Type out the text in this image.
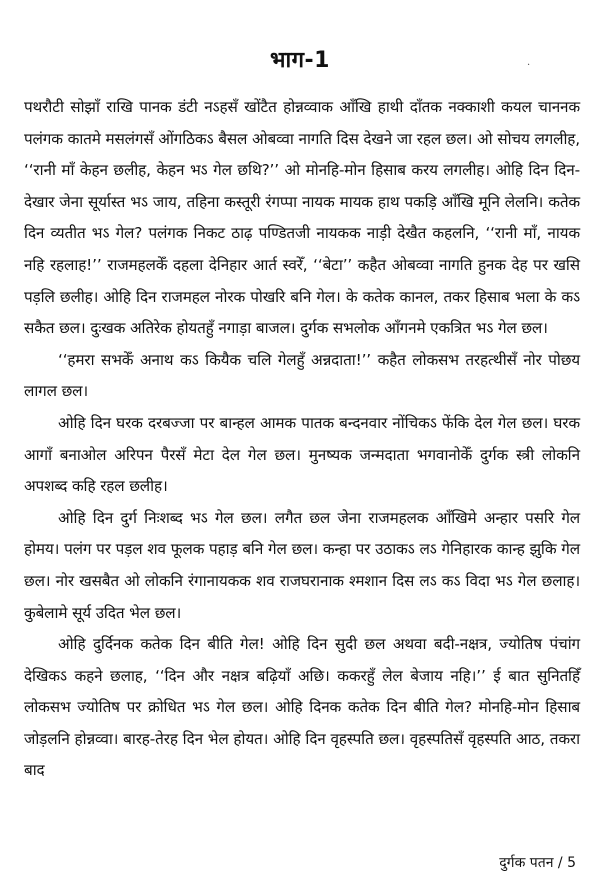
भाग-1	·

पथरौटी सोझाँ राखि पानक डंटी नऽहसँ खोंटैत होन्नव्वाक आँखि हाथी दाँतक नक्काशी कयल चाननक पलंगक कातमे मसलंगसँ ओंगठिकऽ बैसल ओबव्वा नागति दिस देखने जा रहल छल। ओ सोचय लगलीह, ‘‘रानी माँ केहन छलीह, केहन भऽ गेल छथि?’’ ओ मोनहि-मोन हिसाब करय लगलीह। ओहि दिन दिन-देखार जेना सूर्यास्त भऽ जाय, तहिना कस्तूरी रंगप्पा नायक मायक हाथ पकड़ि आँखि मूनि लेलनि। कतेक दिन व्यतीत भऽ गेल? पलंगक निकट ठाढ़ पण्डितजी नायकक नाड़ी देखैत कहलनि, ‘‘रानी माँ, नायक नहि रहलाह!’’ राजमहलकेँ दहला देनिहार आर्त स्वरेँ, ‘‘बेटा’’ कहैत ओबव्वा नागति हुनक देह पर खसि पड़लि छलीह। ओहि दिन राजमहल नोरक पोखरि बनि गेल। के कतेक कानल, तकर हिसाब भला के कऽ सकैत छल। दुःखक अतिरेक होयतहुँ नगाड़ा बाजल। दुर्गक सभलोक आँगनमे एकत्रित भऽ गेल छल।

‘‘हमरा सभकेँ अनाथ कऽ कियैक चलि गेलहुँ अन्नदाता!’’ कहैत लोकसभ तरहत्थीसँ नोर पोछय लागल छल।

ओहि दिन घरक दरबज्जा पर बान्हल आमक पातक बन्दनवार नोंचिकऽ फेंकि देल गेल छल। घरक आगाँ बनाओल अरिपन पैरसँ मेटा देल गेल छल। मुनष्यक जन्मदाता भगवानोकेँ दुर्गक स्त्री लोकनि अपशब्द कहि रहल छलीह।

ओहि दिन दुर्ग निःशब्द भऽ गेल छल। लगैत छल जेना राजमहलक आँखिमे अन्हार पसरि गेल होमय। पलंग पर पड़ल शव फूलक पहाड़ बनि गेल छल। कन्हा पर उठाकऽ लऽ गेनिहारक कान्ह झुकि गेल छल। नोर खसबैत ओ लोकनि रंगानायकक शव राजघरानाक श्मशान दिस लऽ कऽ विदा भऽ गेल छलाह। कुबेलामे सूर्य उदित भेल छल।

ओहि दुर्दिनक कतेक दिन बीति गेल! ओहि दिन सुदी छल अथवा बदी-नक्षत्र, ज्योतिष पंचांग देखिकऽ कहने छलाह, ‘‘दिन और नक्षत्र बढ़ियाँ अछि। ककरहुँ लेल बेजाय नहि।’’ ई बात सुनितहिँ लोकसभ ज्योतिष पर क्रोधित भऽ गेल छल। ओहि दिनक कतेक दिन बीति गेल? मोनहि-मोन हिसाब जोड़लनि होन्नव्वा। बारह-तेरह दिन भेल होयत। ओहि दिन वृहस्पति छल। वृहस्पतिसँ वृहस्पति आठ, तकरा बाद

दुर्गक पतन / 5
